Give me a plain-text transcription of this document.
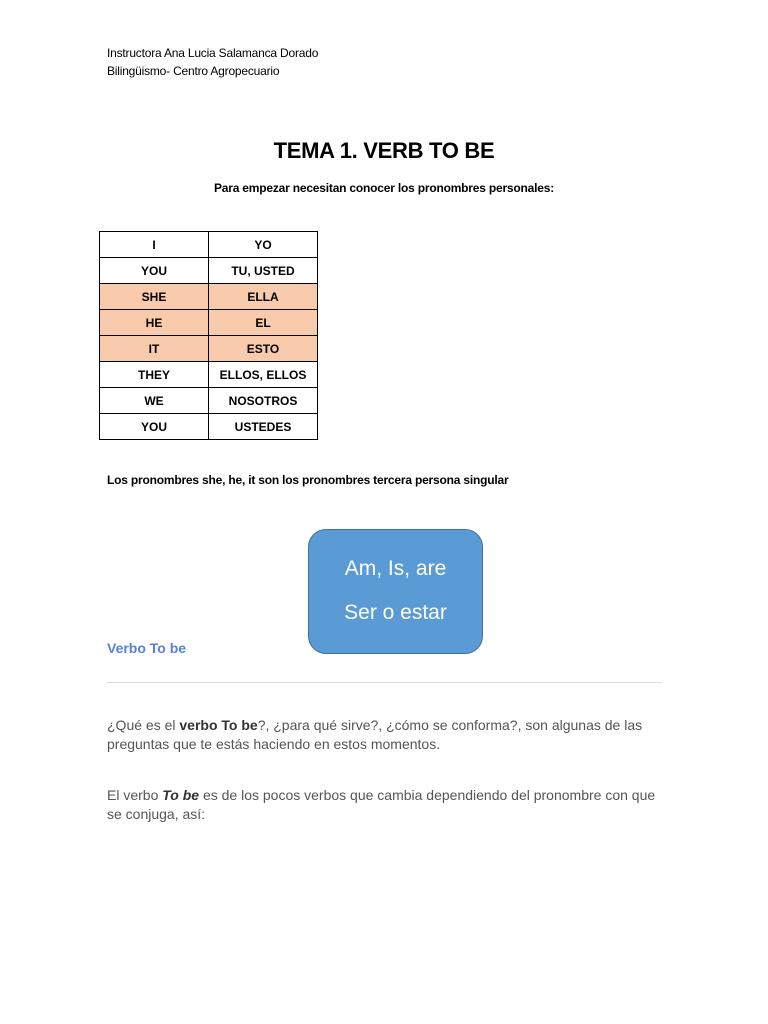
Instructora Ana Lucia Salamanca Dorado
Bilingüismo- Centro Agropecuario
TEMA 1. VERB TO BE
Para empezar necesitan conocer los pronombres personales:
I	YO
YOU	TU, USTED
SHE	ELLA
HE	EL
IT	ESTO
THEY	ELLOS, ELLOS
WE	NOSOTROS
YOU	USTEDES
Los pronombres she, he, it son los pronombres tercera persona singular
Am, Is, are
Ser o estar
Verbo To be
¿Qué es el verbo To be?, ¿para qué sirve?, ¿cómo se conforma?, son algunas de las preguntas que te estás haciendo en estos momentos.
El verbo To be es de los pocos verbos que cambia dependiendo del pronombre con que se conjuga, así:
